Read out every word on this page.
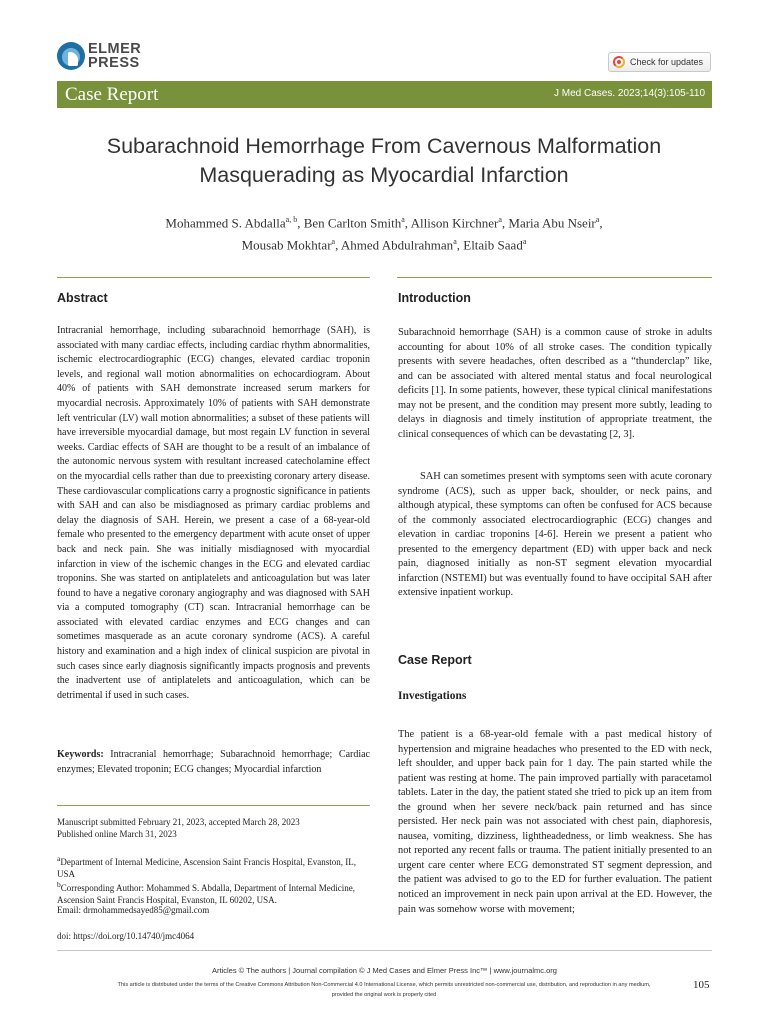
ELMER
PRESS	Check for updates
Case Report	J Med Cases. 2023;14(3):105-110
Subarachnoid Hemorrhage From Cavernous Malformation Masquerading as Myocardial Infarction
Mohammed S. Abdalla$^{a, b}$, Ben Carlton Smith$^a$, Allison Kirchner$^a$, Maria Abu Nseir$^a$,
Mousab Mokhtar$^a$, Ahmed Abdulrahman$^a$, Eltaib Saad$^a$
Abstract
Intracranial hemorrhage, including subarachnoid hemorrhage (SAH), is associated with many cardiac effects, including cardiac rhythm abnormalities, ischemic electrocardiographic (ECG) changes, elevated cardiac troponin levels, and regional wall motion abnormalities on echocardiogram. About 40% of patients with SAH demonstrate increased serum markers for myocardial necrosis. Approximately 10% of patients with SAH demonstrate left ventricular (LV) wall motion abnormalities; a subset of these patients will have irreversible myocardial damage, but most regain LV function in several weeks. Cardiac effects of SAH are thought to be a result of an imbalance of the autonomic nervous system with resultant increased catecholamine effect on the myocardial cells rather than due to preexisting coronary artery disease. These cardiovascular complications carry a prognostic significance in patients with SAH and can also be misdiagnosed as primary cardiac problems and delay the diagnosis of SAH. Herein, we present a case of a 68-year-old female who presented to the emergency department with acute onset of upper back and neck pain. She was initially misdiagnosed with myocardial infarction in view of the ischemic changes in the ECG and elevated cardiac troponins. She was started on antiplatelets and anticoagulation but was later found to have a negative coronary angiography and was diagnosed with SAH via a computed tomography (CT) scan. Intracranial hemorrhage can be associated with elevated cardiac enzymes and ECG changes and can sometimes masquerade as an acute coronary syndrome (ACS). A careful history and examination and a high index of clinical suspicion are pivotal in such cases since early diagnosis significantly impacts prognosis and prevents the inadvertent use of antiplatelets and anticoagulation, which can be detrimental if used in such cases.
Keywords: Intracranial hemorrhage; Subarachnoid hemorrhage; Cardiac enzymes; Elevated troponin; ECG changes; Myocardial infarction
Manuscript submitted February 21, 2023, accepted March 28, 2023
Published online March 31, 2023
$^a$Department of Internal Medicine, Ascension Saint Francis Hospital, Evanston, IL, USA
$^b$Corresponding Author: Mohammed S. Abdalla, Department of Internal Medicine, Ascension Saint Francis Hospital, Evanston, IL 60202, USA.
Email: drmohammedsayed85@gmail.com
doi: https://doi.org/10.14740/jmc4064
Introduction
Subarachnoid hemorrhage (SAH) is a common cause of stroke in adults accounting for about 10% of all stroke cases. The condition typically presents with severe headaches, often described as a “thunderclap” like, and can be associated with altered mental status and focal neurological deficits [1]. In some patients, however, these typical clinical manifestations may not be present, and the condition may present more subtly, leading to delays in diagnosis and timely institution of appropriate treatment, the clinical consequences of which can be devastating [2, 3].
SAH can sometimes present with symptoms seen with acute coronary syndrome (ACS), such as upper back, shoulder, or neck pains, and although atypical, these symptoms can often be confused for ACS because of the commonly associated electrocardiographic (ECG) changes and elevation in cardiac troponins [4-6]. Herein we present a patient who presented to the emergency department (ED) with upper back and neck pain, diagnosed initially as non-ST segment elevation myocardial infarction (NSTEMI) but was eventually found to have occipital SAH after extensive inpatient workup.
Case Report
Investigations
The patient is a 68-year-old female with a past medical history of hypertension and migraine headaches who presented to the ED with neck, left shoulder, and upper back pain for 1 day. The pain started while the patient was resting at home. The pain improved partially with paracetamol tablets. Later in the day, the patient stated she tried to pick up an item from the ground when her severe neck/back pain returned and has since persisted. Her neck pain was not associated with chest pain, diaphoresis, nausea, vomiting, dizziness, lightheadedness, or limb weakness. She has not reported any recent falls or trauma. The patient initially presented to an urgent care center where ECG demonstrated ST segment depression, and the patient was advised to go to the ED for further evaluation. The patient noticed an improvement in neck pain upon arrival at the ED. However, the pain was somehow worse with movement;
Articles © The authors | Journal compilation © J Med Cases and Elmer Press Inc™ | www.journalmc.org
This article is distributed under the terms of the Creative Commons Attribution Non-Commercial 4.0 International License, which permits unrestricted non-commercial use, distribution, and reproduction in any medium, provided the original work is properly cited
105
